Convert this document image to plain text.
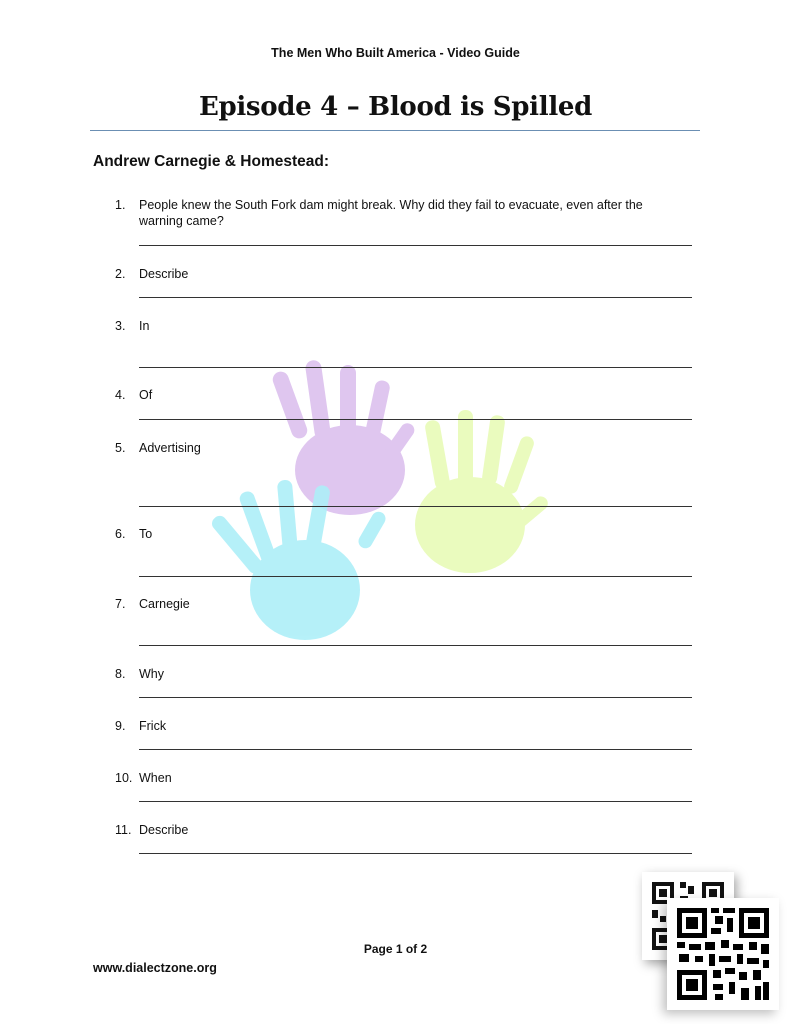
The Men Who Built America - Video Guide
Episode 4 – Blood is Spilled
Andrew Carnegie & Homestead:
1.	People knew the South Fork dam might break. Why did they fail to evacuate, even after the warning came?
2.	Describe
3.	In
4.	Of
5.	Advertising
6.	To
7.	Carnegie
8.	Why
9.	Frick
10. When
11. Describe
Page 1 of 2
www.dialectzone.org
